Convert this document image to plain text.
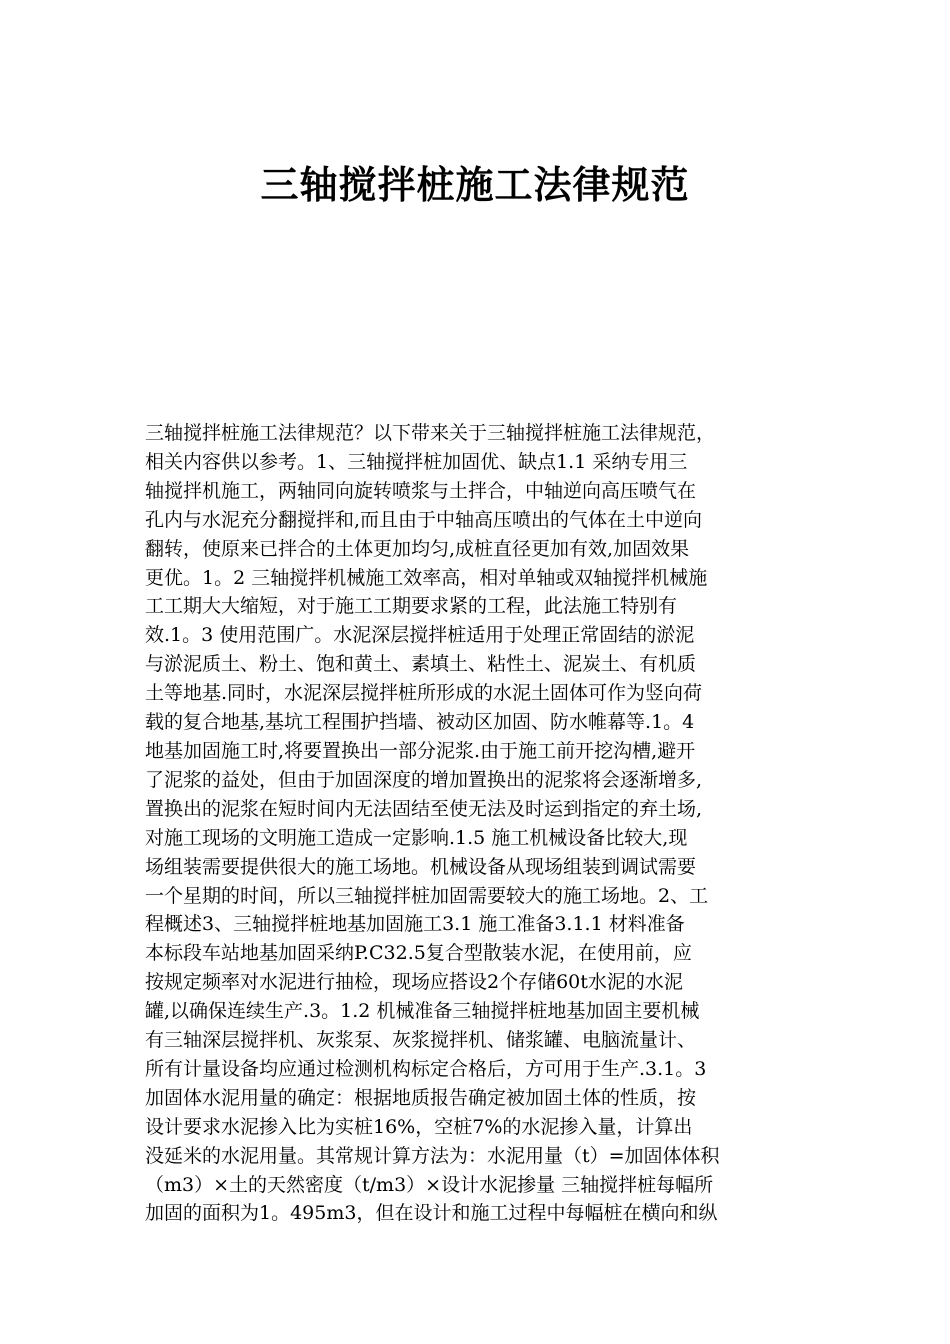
三轴搅拌桩施工法律规范
三轴搅拌桩施工法律规范？以下带来关于三轴搅拌桩施工法律规范，
相关内容供以参考。1、三轴搅拌桩加固优、缺点1.1 采纳专用三
轴搅拌机施工，两轴同向旋转喷浆与土拌合，中轴逆向高压喷气在
孔内与水泥充分翻搅拌和,而且由于中轴高压喷出的气体在土中逆向
翻转，使原来已拌合的土体更加均匀,成桩直径更加有效,加固效果
更优。1。2 三轴搅拌机械施工效率高，相对单轴或双轴搅拌机械施
工工期大大缩短，对于施工工期要求紧的工程，此法施工特别有
效.1。3 使用范围广。水泥深层搅拌桩适用于处理正常固结的淤泥
与淤泥质土、粉土、饱和黄土、素填土、粘性土、泥炭土、有机质
土等地基.同时，水泥深层搅拌桩所形成的水泥土固体可作为竖向荷
载的复合地基,基坑工程围护挡墙、被动区加固、防水帷幕等.1。4
地基加固施工时,将要置换出一部分泥浆.由于施工前开挖沟槽,避开
了泥浆的益处，但由于加固深度的增加置换出的泥浆将会逐渐增多,
置换出的泥浆在短时间内无法固结至使无法及时运到指定的弃土场,
对施工现场的文明施工造成一定影响.1.5 施工机械设备比较大,现
场组装需要提供很大的施工场地。机械设备从现场组装到调试需要
一个星期的时间，所以三轴搅拌桩加固需要较大的施工场地。2、工
程概述3、三轴搅拌桩地基加固施工3.1 施工准备3.1.1 材料准备
本标段车站地基加固采纳P.C32.5复合型散装水泥，在使用前，应
按规定频率对水泥进行抽检，现场应搭设2个存储60t水泥的水泥
罐,以确保连续生产.3。1.2 机械准备三轴搅拌桩地基加固主要机械
有三轴深层搅拌机、灰浆泵、灰浆搅拌机、储浆罐、电脑流量计、
所有计量设备均应通过检测机构标定合格后，方可用于生产.3.1。3
加固体水泥用量的确定：根据地质报告确定被加固土体的性质，按
设计要求水泥掺入比为实桩16%，空桩7%的水泥掺入量，计算出
没延米的水泥用量。其常规计算方法为：水泥用量（t）=加固体体积
（m3）×土的天然密度（t/m3）×设计水泥掺量 三轴搅拌桩每幅所
加固的面积为1。495m3，但在设计和施工过程中每幅桩在横向和纵
